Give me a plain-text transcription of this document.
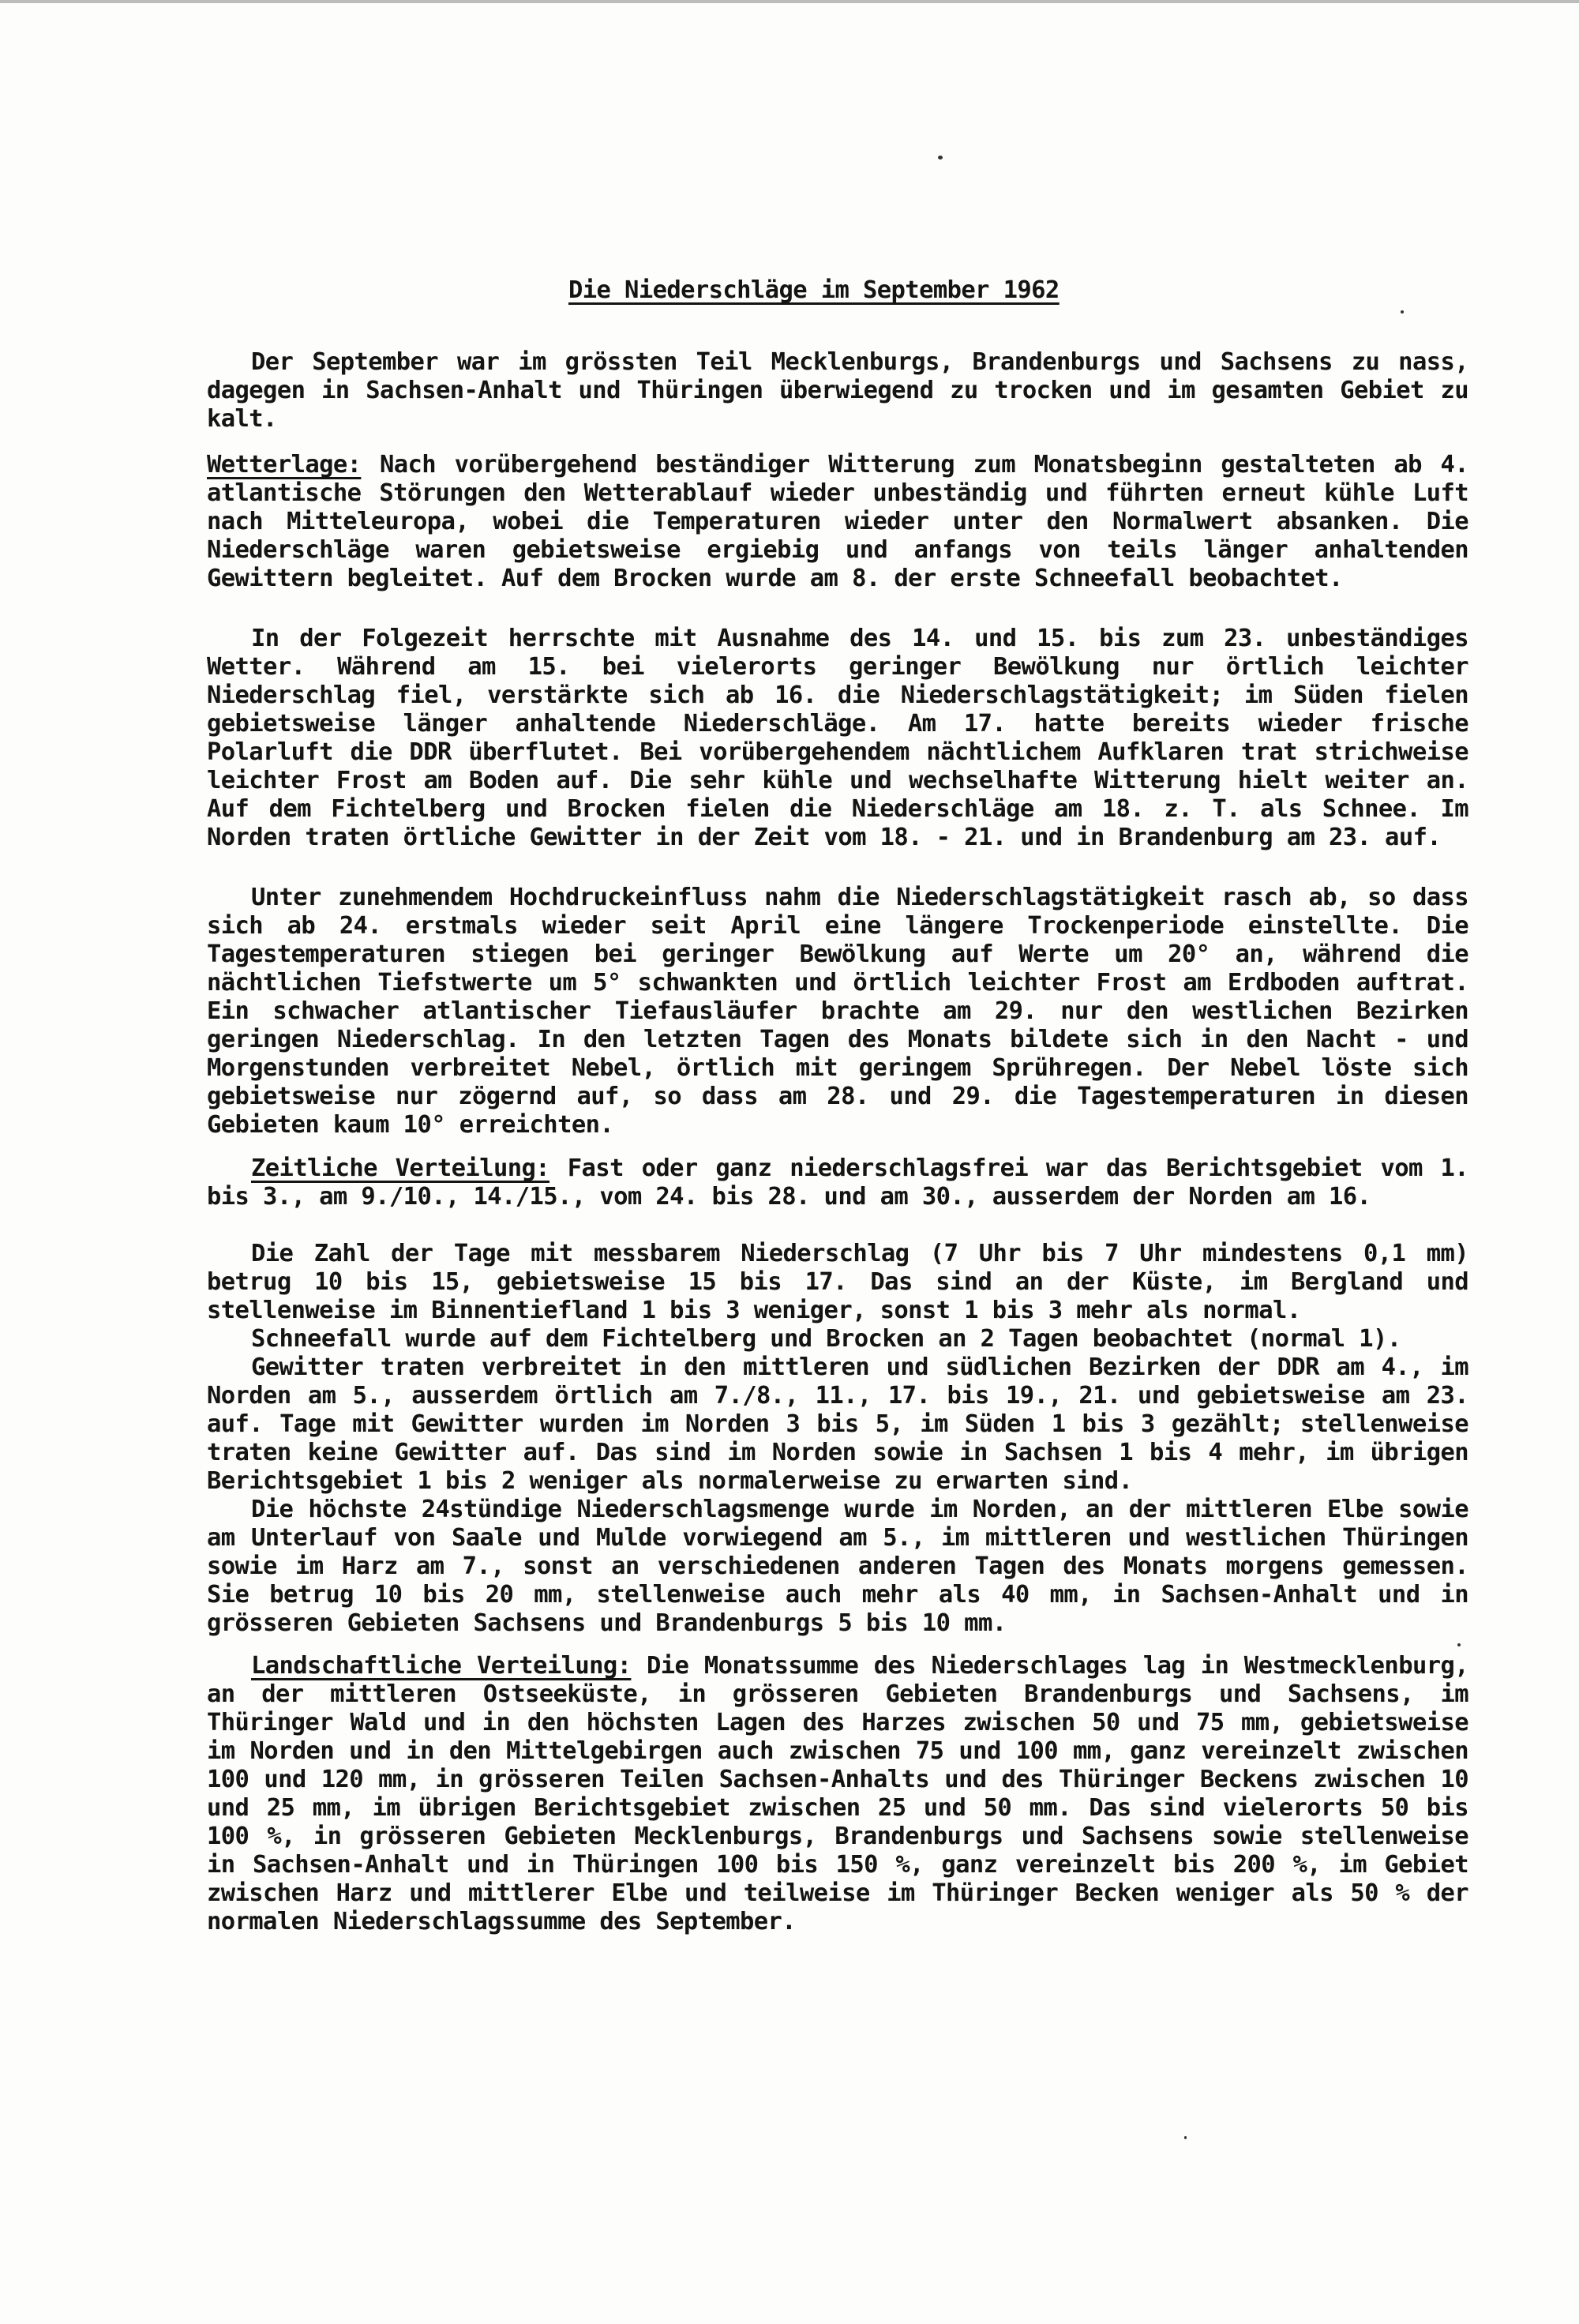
Die Niederschläge im September 1962

Der September war im grössten Teil Mecklenburgs, Brandenburgs und Sachsens zu nass, dagegen in Sachsen-Anhalt und Thüringen überwiegend zu trocken und im gesamten Gebiet zu kalt.

Wetterlage: Nach vorübergehend beständiger Witterung zum Monatsbeginn gestalteten ab 4. atlantische Störungen den Wetterablauf wieder unbeständig und führten erneut kühle Luft nach Mitteleuropa, wobei die Temperaturen wieder unter den Normalwert absanken. Die Niederschläge waren gebietsweise ergiebig und anfangs von teils länger anhaltenden Gewittern begleitet. Auf dem Brocken wurde am 8. der erste Schneefall beobachtet.

In der Folgezeit herrschte mit Ausnahme des 14. und 15. bis zum 23. unbeständiges Wetter. Während am 15. bei vielerorts geringer Bewölkung nur örtlich leichter Niederschlag fiel, verstärkte sich ab 16. die Niederschlagstätigkeit; im Süden fielen gebietsweise länger anhaltende Niederschläge. Am 17. hatte bereits wieder frische Polarluft die DDR überflutet. Bei vorübergehendem nächtlichem Aufklaren trat strichweise leichter Frost am Boden auf. Die sehr kühle und wechselhafte Witterung hielt weiter an. Auf dem Fichtelberg und Brocken fielen die Niederschläge am 18. z. T. als Schnee. Im Norden traten örtliche Gewitter in der Zeit vom 18. - 21. und in Brandenburg am 23. auf.

Unter zunehmendem Hochdruckeinfluss nahm die Niederschlagstätigkeit rasch ab, so dass sich ab 24. erstmals wieder seit April eine längere Trockenperiode einstellte. Die Tagestemperaturen stiegen bei geringer Bewölkung auf Werte um 20° an, während die nächtlichen Tiefstwerte um 5° schwankten und örtlich leichter Frost am Erdboden auftrat. Ein schwacher atlantischer Tiefausläufer brachte am 29. nur den westlichen Bezirken geringen Niederschlag. In den letzten Tagen des Monats bildete sich in den Nacht - und Morgenstunden verbreitet Nebel, örtlich mit geringem Sprühregen. Der Nebel löste sich gebietsweise nur zögernd auf, so dass am 28. und 29. die Tagestemperaturen in diesen Gebieten kaum 10° erreichten.

Zeitliche Verteilung: Fast oder ganz niederschlagsfrei war das Berichtsgebiet vom 1. bis 3., am 9./10., 14./15., vom 24. bis 28. und am 30., ausserdem der Norden am 16.

Die Zahl der Tage mit messbarem Niederschlag (7 Uhr bis 7 Uhr mindestens 0,1 mm) betrug 10 bis 15, gebietsweise 15 bis 17. Das sind an der Küste, im Bergland und stellenweise im Binnentiefland 1 bis 3 weniger, sonst 1 bis 3 mehr als normal.

Schneefall wurde auf dem Fichtelberg und Brocken an 2 Tagen beobachtet (normal 1).

Gewitter traten verbreitet in den mittleren und südlichen Bezirken der DDR am 4., im Norden am 5., ausserdem örtlich am 7./8., 11., 17. bis 19., 21. und gebietsweise am 23. auf. Tage mit Gewitter wurden im Norden 3 bis 5, im Süden 1 bis 3 gezählt; stellenweise traten keine Gewitter auf. Das sind im Norden sowie in Sachsen 1 bis 4 mehr, im übrigen Berichtsgebiet 1 bis 2 weniger als normalerweise zu erwarten sind.

Die höchste 24stündige Niederschlagsmenge wurde im Norden, an der mittleren Elbe sowie am Unterlauf von Saale und Mulde vorwiegend am 5., im mittleren und westlichen Thüringen sowie im Harz am 7., sonst an verschiedenen anderen Tagen des Monats morgens gemessen. Sie betrug 10 bis 20 mm, stellenweise auch mehr als 40 mm, in Sachsen-Anhalt und in grösseren Gebieten Sachsens und Brandenburgs 5 bis 10 mm.

Landschaftliche Verteilung: Die Monatssumme des Niederschlages lag in Westmecklenburg, an der mittleren Ostseeküste, in grösseren Gebieten Brandenburgs und Sachsens, im Thüringer Wald und in den höchsten Lagen des Harzes zwischen 50 und 75 mm, gebietsweise im Norden und in den Mittelgebirgen auch zwischen 75 und 100 mm, ganz vereinzelt zwischen 100 und 120 mm, in grösseren Teilen Sachsen-Anhalts und des Thüringer Beckens zwischen 10 und 25 mm, im übrigen Berichtsgebiet zwischen 25 und 50 mm. Das sind vielerorts 50 bis 100 %, in grösseren Gebieten Mecklenburgs, Brandenburgs und Sachsens sowie stellenweise in Sachsen-Anhalt und in Thüringen 100 bis 150 %, ganz vereinzelt bis 200 %, im Gebiet zwischen Harz und mittlerer Elbe und teilweise im Thüringer Becken weniger als 50 % der normalen Niederschlagssumme des September.
